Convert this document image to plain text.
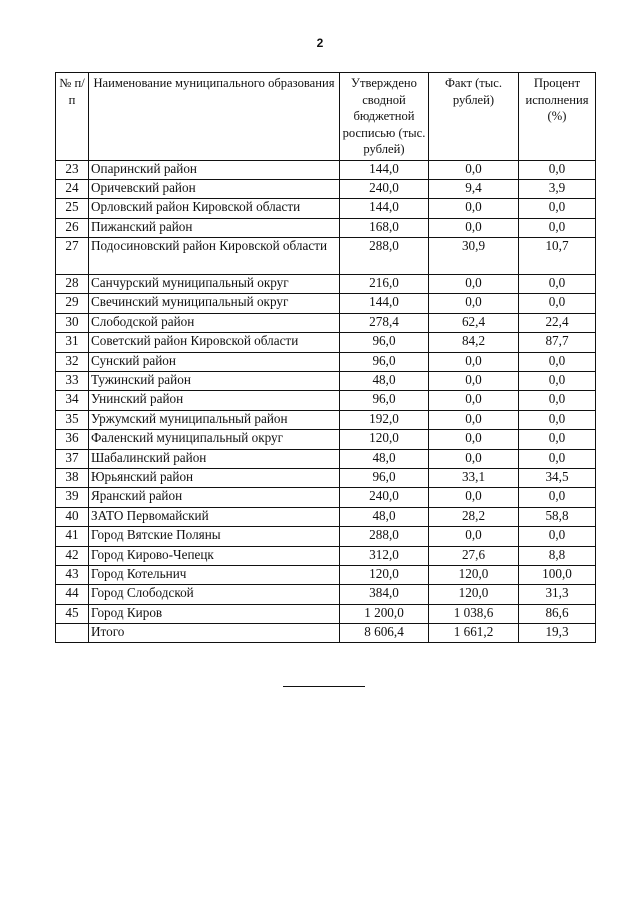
2
№ п/п	Наименование муниципального образования	Утверждено сводной бюджетной росписью (тыс. рублей)	Факт (тыс. рублей)	Процент исполнения (%)
23	Опаринский район	144,0	0,0	0,0
24	Оричевский район	240,0	9,4	3,9
25	Орловский район Кировской области	144,0	0,0	0,0
26	Пижанский район	168,0	0,0	0,0
27	Подосиновский район Кировской области	288,0	30,9	10,7
28	Санчурский муниципальный округ	216,0	0,0	0,0
29	Свечинский муниципальный округ	144,0	0,0	0,0
30	Слободской район	278,4	62,4	22,4
31	Советский район Кировской области	96,0	84,2	87,7
32	Сунский район	96,0	0,0	0,0
33	Тужинский район	48,0	0,0	0,0
34	Унинский район	96,0	0,0	0,0
35	Уржумский муниципальный район	192,0	0,0	0,0
36	Фаленский муниципальный округ	120,0	0,0	0,0
37	Шабалинский район	48,0	0,0	0,0
38	Юрьянский район	96,0	33,1	34,5
39	Яранский район	240,0	0,0	0,0
40	ЗАТО Первомайский	48,0	28,2	58,8
41	Город Вятские Поляны	288,0	0,0	0,0
42	Город Кирово-Чепецк	312,0	27,6	8,8
43	Город Котельнич	120,0	120,0	100,0
44	Город Слободской	384,0	120,0	31,3
45	Город Киров	1 200,0	1 038,6	86,6
	Итого	8 606,4	1 661,2	19,3
